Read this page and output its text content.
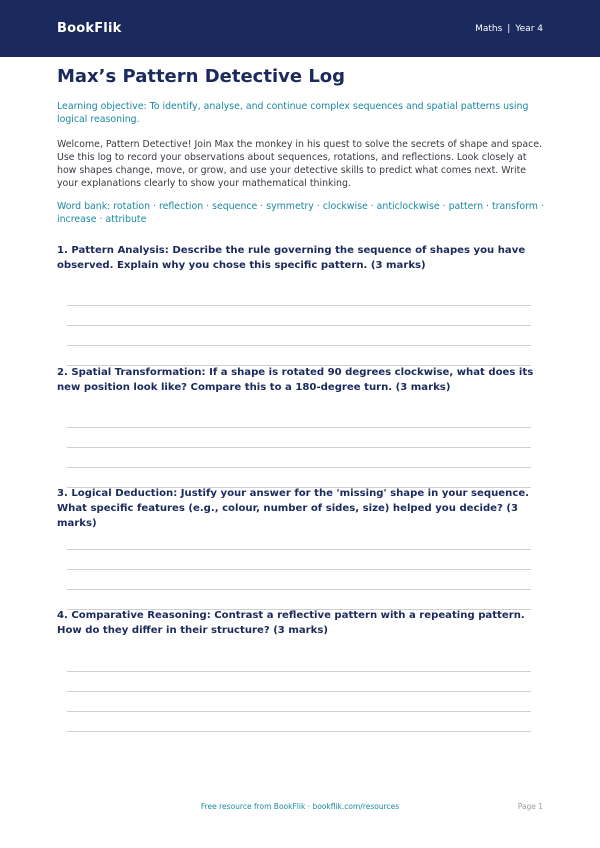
BookFlik	Maths | Year 4
Max’s Pattern Detective Log
Learning objective: To identify, analyse, and continue complex sequences and spatial patterns using logical reasoning.
Welcome, Pattern Detective! Join Max the monkey in his quest to solve the secrets of shape and space. Use this log to record your observations about sequences, rotations, and reflections. Look closely at how shapes change, move, or grow, and use your detective skills to predict what comes next. Write your explanations clearly to show your mathematical thinking.
Word bank: rotation · reflection · sequence · symmetry · clockwise · anticlockwise · pattern · transform · increase · attribute
1. Pattern Analysis: Describe the rule governing the sequence of shapes you have observed. Explain why you chose this specific pattern. (3 marks)
2. Spatial Transformation: If a shape is rotated 90 degrees clockwise, what does its new position look like? Compare this to a 180-degree turn. (3 marks)
3. Logical Deduction: Justify your answer for the 'missing' shape in your sequence. What specific features (e.g., colour, number of sides, size) helped you decide? (3 marks)
4. Comparative Reasoning: Contrast a reflective pattern with a repeating pattern. How do they differ in their structure? (3 marks)
Free resource from BookFlik · bookflik.com/resources	Page 1
